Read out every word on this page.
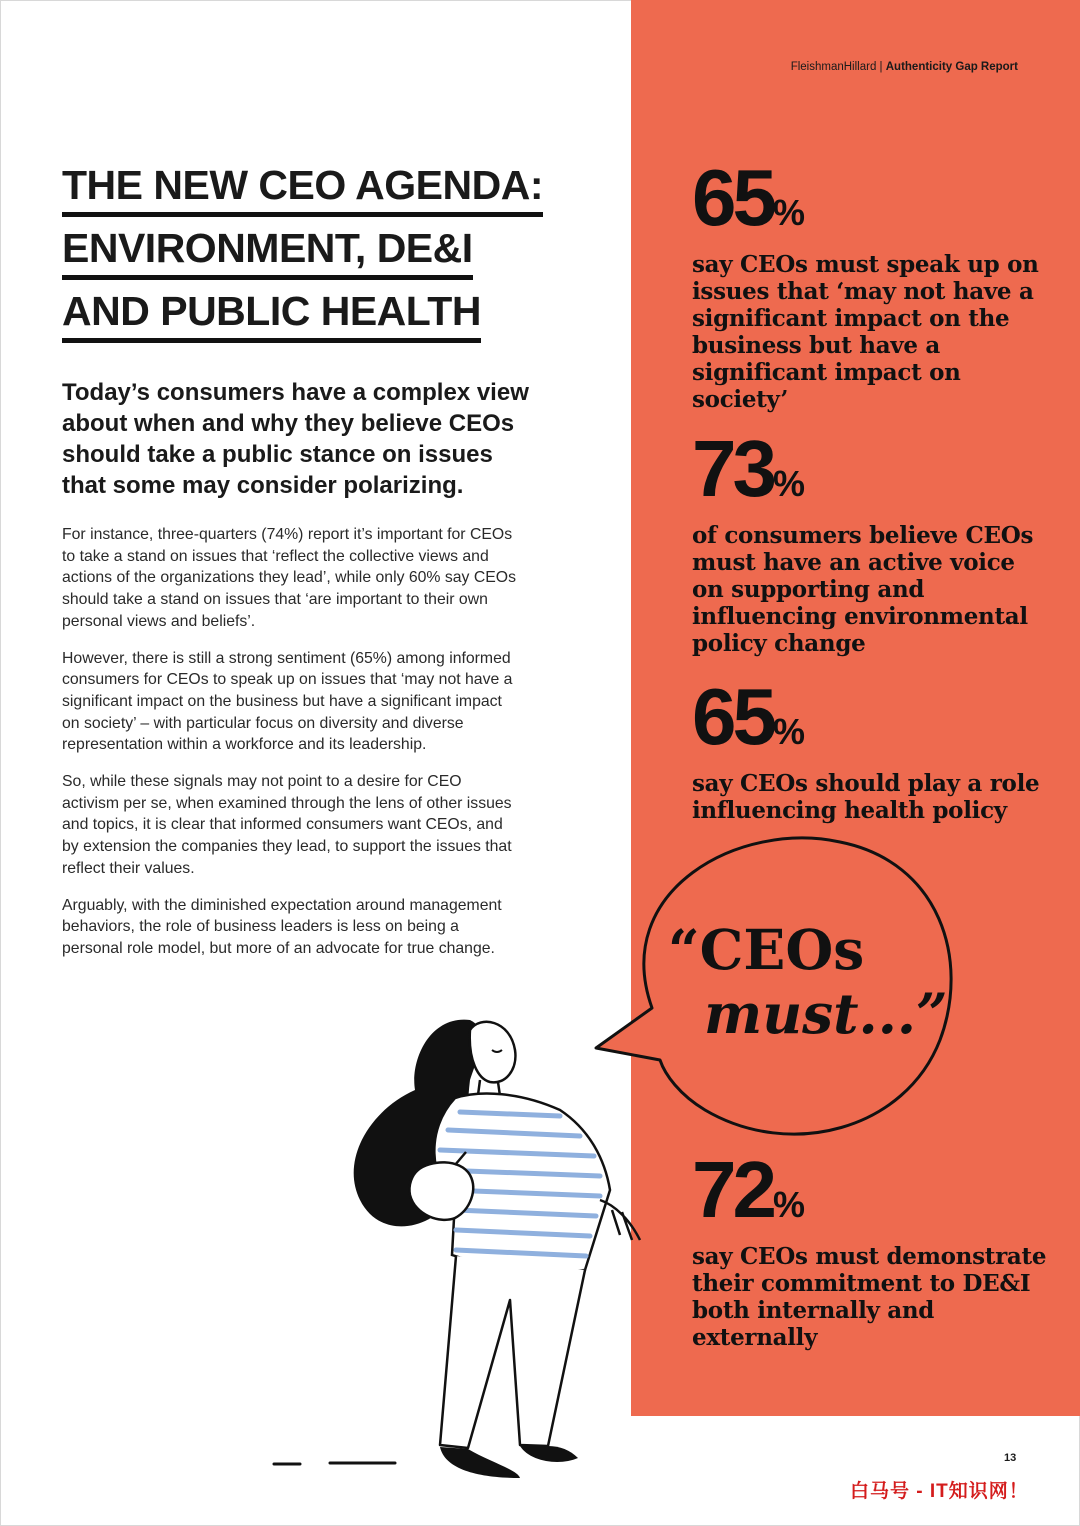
FleishmanHillard | Authenticity Gap Report
THE NEW CEO AGENDA:
ENVIRONMENT, DE&I
AND PUBLIC HEALTH

Today’s consumers have a complex view about when and why they believe CEOs should take a public stance on issues that some may consider polarizing.

For instance, three-quarters (74%) report it’s important for CEOs to take a stand on issues that ‘reflect the collective views and actions of the organizations they lead’, while only 60% say CEOs should take a stand on issues that ‘are important to their own personal views and beliefs’.

However, there is still a strong sentiment (65%) among informed consumers for CEOs to speak up on issues that ‘may not have a significant impact on the business but have a significant impact on society’ – with particular focus on diversity and diverse representation within a workforce and its leadership.

So, while these signals may not point to a desire for CEO activism per se, when examined through the lens of other issues and topics, it is clear that informed consumers want CEOs, and by extension the companies they lead, to support the issues that reflect their values.

Arguably, with the diminished expectation around management behaviors, the role of business leaders is less on being a personal role model, but more of an advocate for true change.

65%
say CEOs must speak up on issues that ‘may not have a significant impact on the business but have a significant impact on society’
73%
of consumers believe CEOs must have an active voice on supporting and influencing environmental policy change
65%
say CEOs should play a role influencing health policy
72%
say CEOs must demonstrate their commitment to DE&I both internally and externally
“CEOs
must...”
13
白马号 - IT知识网！
